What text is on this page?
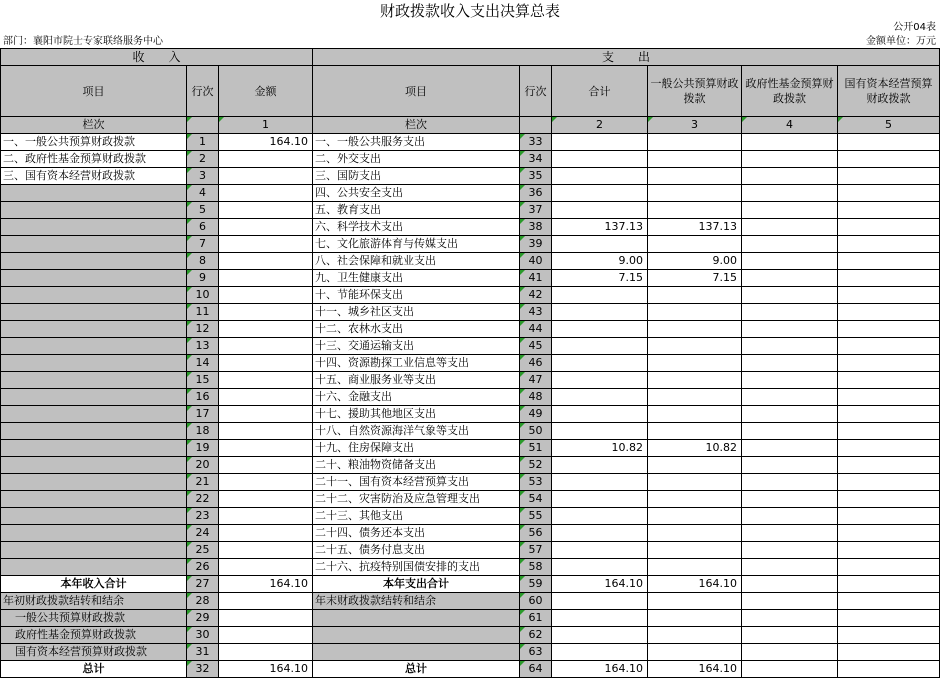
财政拨款收入支出决算总表
公开04表
部门：襄阳市院士专家联络服务中心	金额单位：万元
收　　入			支　　出					
项目	行次	金额	项目	行次	合计	一般公共预算财政拨款	政府性基金预算财政拨款	国有资本经营预算财政拨款
栏次		1	栏次		2	3	4	5
一、一般公共预算财政拨款	1	164.10	一、一般公共服务支出	33				
二、政府性基金预算财政拨款	2		二、外交支出	34				
三、国有资本经营财政拨款	3		三、国防支出	35				
	4		四、公共安全支出	36				
	5		五、教育支出	37				
	6		六、科学技术支出	38	137.13	137.13		
	7		七、文化旅游体育与传媒支出	39				
	8		八、社会保障和就业支出	40	9.00	9.00		
	9		九、卫生健康支出	41	7.15	7.15		
	10		十、节能环保支出	42				
	11		十一、城乡社区支出	43				
	12		十二、农林水支出	44				
	13		十三、交通运输支出	45				
	14		十四、资源勘探工业信息等支出	46				
	15		十五、商业服务业等支出	47				
	16		十六、金融支出	48				
	17		十七、援助其他地区支出	49				
	18		十八、自然资源海洋气象等支出	50				
	19		十九、住房保障支出	51	10.82	10.82		
	20		二十、粮油物资储备支出	52				
	21		二十一、国有资本经营预算支出	53				
	22		二十二、灾害防治及应急管理支出	54				
	23		二十三、其他支出	55				
	24		二十四、债务还本支出	56				
	25		二十五、债务付息支出	57				
	26		二十六、抗疫特别国债安排的支出	58				
本年收入合计	27	164.10	本年支出合计	59	164.10	164.10		
年初财政拨款结转和结余	28		年末财政拨款结转和结余	60				
一般公共预算财政拨款	29			61				
政府性基金预算财政拨款	30			62				
国有资本经营预算财政拨款	31			63				
总计	32	164.10	总计	64	164.10	164.10		
